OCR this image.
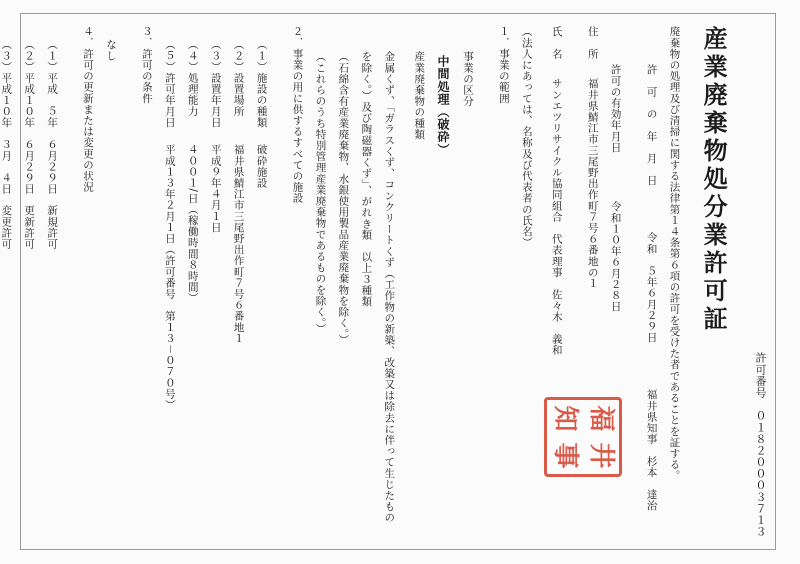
許可番号　０１８２０００３７１３
産業廃棄物処分業許可証
廃棄物の処理及び清掃に関する法律第１４条第６項の許可を受けた者であることを証する。
許　可　の　年　月　日 令和　５年６月２９日 福井県知事　杉本　達治
許可の有効年月日 令和１０年６月２８日
住　所 福井県鯖江市三尾野出作町７号６番地の１
氏　名 サンエツリサイクル協同組合　代表理事　佐々木　義和
（法人にあっては、名称及び代表者の氏名）
１．事業の範囲
事業の区分
中間処理（破砕）
産業廃棄物の種類
金属くず、「ガラスくず、コンクリートくず（工作物の新築、改築又は除去に伴って生じたもの
を除く。）及び陶磁器くず」、がれき類　以上３種類
（石綿含有産業廃棄物、水銀使用製品産業廃棄物を除く。）
（これらのうち特別管理産業廃棄物であるものを除く。）
２．事業の用に供するすべての施設
（１）施設の種類破砕施設
（２）設置場所福井県鯖江市三尾野出作町７号６番地１
（３）設置年月日平成９年４月１日
（４）処理能力４００１/日（稼働時間８時間）
（５）許可年月日平成１３年２月１日（許可番号　第１３－０７０号）
３．許可の条件
なし
４．許可の更新または変更の状況
（１）平成　５年　６月２９日新規許可
（２）平成１０年　６月２９日更新許可
（３）平成１０年　３月　４日変更許可
福
井
知
事
